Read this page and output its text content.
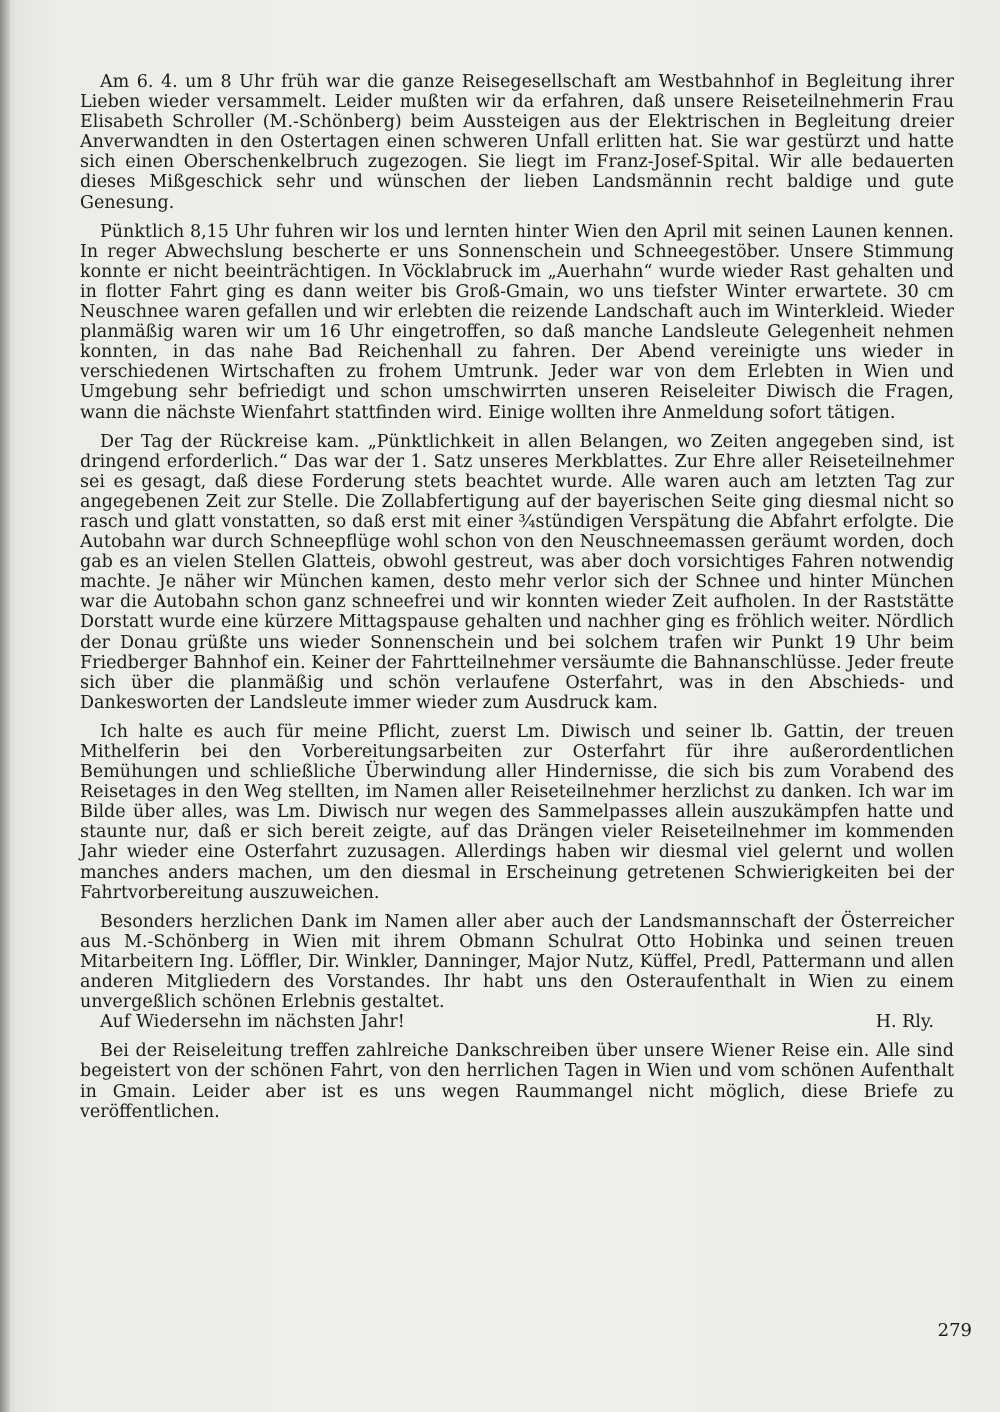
Am 6. 4. um 8 Uhr früh war die ganze Reisegesellschaft am Westbahnhof in Begleitung ihrer Lieben wieder versammelt. Leider mußten wir da erfahren, daß unsere Reiseteilnehmerin Frau Elisabeth Schroller (M.-Schönberg) beim Aussteigen aus der Elektrischen in Begleitung dreier Anverwandten in den Ostertagen einen schweren Unfall erlitten hat. Sie war gestürzt und hatte sich einen Oberschenkelbruch zugezogen. Sie liegt im Franz-Josef-Spital. Wir alle bedauerten dieses Mißgeschick sehr und wünschen der lieben Landsmännin recht baldige und gute Genesung.

Pünktlich 8,15 Uhr fuhren wir los und lernten hinter Wien den April mit seinen Launen kennen. In reger Abwechslung bescherte er uns Sonnenschein und Schneegestöber. Unsere Stimmung konnte er nicht beeinträchtigen. In Vöcklabruck im „Auerhahn“ wurde wieder Rast gehalten und in flotter Fahrt ging es dann weiter bis Groß-Gmain, wo uns tiefster Winter erwartete. 30 cm Neuschnee waren gefallen und wir erlebten die reizende Landschaft auch im Winterkleid. Wieder planmäßig waren wir um 16 Uhr eingetroffen, so daß manche Landsleute Gelegenheit nehmen konnten, in das nahe Bad Reichenhall zu fahren. Der Abend vereinigte uns wieder in verschiedenen Wirtschaften zu frohem Umtrunk. Jeder war von dem Erlebten in Wien und Umgebung sehr befriedigt und schon umschwirrten unseren Reiseleiter Diwisch die Fragen, wann die nächste Wienfahrt stattfinden wird. Einige wollten ihre Anmeldung sofort tätigen.

Der Tag der Rückreise kam. „Pünktlichkeit in allen Belangen, wo Zeiten angegeben sind, ist dringend erforderlich.“ Das war der 1. Satz unseres Merkblattes. Zur Ehre aller Reiseteilnehmer sei es gesagt, daß diese Forderung stets beachtet wurde. Alle waren auch am letzten Tag zur angegebenen Zeit zur Stelle. Die Zollabfertigung auf der bayerischen Seite ging diesmal nicht so rasch und glatt vonstatten, so daß erst mit einer ¾stündigen Verspätung die Abfahrt erfolgte. Die Autobahn war durch Schneepflüge wohl schon von den Neuschneemassen geräumt worden, doch gab es an vielen Stellen Glatteis, obwohl gestreut, was aber doch vorsichtiges Fahren notwendig machte. Je näher wir München kamen, desto mehr verlor sich der Schnee und hinter München war die Autobahn schon ganz schneefrei und wir konnten wieder Zeit aufholen. In der Raststätte Dorstatt wurde eine kürzere Mittagspause gehalten und nachher ging es fröhlich weiter. Nördlich der Donau grüßte uns wieder Sonnenschein und bei solchem trafen wir Punkt 19 Uhr beim Friedberger Bahnhof ein. Keiner der Fahrtteilnehmer versäumte die Bahnanschlüsse. Jeder freute sich über die planmäßig und schön verlaufene Osterfahrt, was in den Abschieds- und Dankesworten der Landsleute immer wieder zum Ausdruck kam.

Ich halte es auch für meine Pflicht, zuerst Lm. Diwisch und seiner lb. Gattin, der treuen Mithelferin bei den Vorbereitungsarbeiten zur Osterfahrt für ihre außerordentlichen Bemühungen und schließliche Überwindung aller Hindernisse, die sich bis zum Vorabend des Reisetages in den Weg stellten, im Namen aller Reiseteilnehmer herzlichst zu danken. Ich war im Bilde über alles, was Lm. Diwisch nur wegen des Sammelpasses allein auszukämpfen hatte und staunte nur, daß er sich bereit zeigte, auf das Drängen vieler Reiseteilnehmer im kommenden Jahr wieder eine Osterfahrt zuzusagen. Allerdings haben wir diesmal viel gelernt und wollen manches anders machen, um den diesmal in Erscheinung getretenen Schwierigkeiten bei der Fahrtvorbereitung auszuweichen.

Besonders herzlichen Dank im Namen aller aber auch der Landsmannschaft der Österreicher aus M.-Schönberg in Wien mit ihrem Obmann Schulrat Otto Hobinka und seinen treuen Mitarbeitern Ing. Löffler, Dir. Winkler, Danninger, Major Nutz, Küffel, Predl, Pattermann und allen anderen Mitgliedern des Vorstandes. Ihr habt uns den Osteraufenthalt in Wien zu einem unvergeßlich schönen Erlebnis gestaltet.

Auf Wiedersehn im nächsten Jahr!	H. Rly.

Bei der Reiseleitung treffen zahlreiche Dankschreiben über unsere Wiener Reise ein. Alle sind begeistert von der schönen Fahrt, von den herrlichen Tagen in Wien und vom schönen Aufenthalt in Gmain. Leider aber ist es uns wegen Raummangel nicht möglich, diese Briefe zu veröffentlichen.

279
